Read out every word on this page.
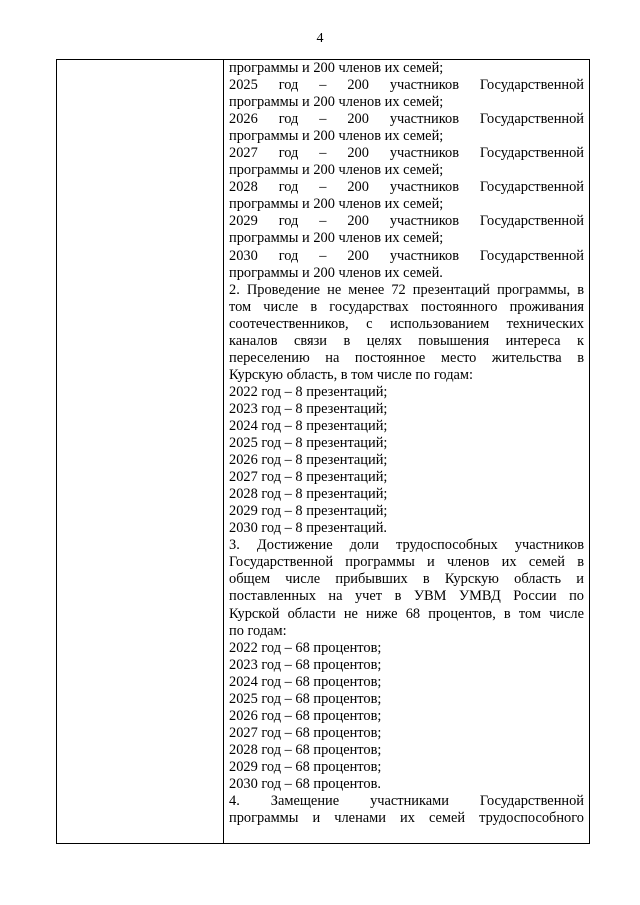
4
программы и 200 членов их семей;
2025 год – 200 участников Государственной
программы и 200 членов их семей;
2026 год – 200 участников Государственной
программы и 200 членов их семей;
2027 год – 200 участников Государственной
программы и 200 членов их семей;
2028 год – 200 участников Государственной
программы и 200 членов их семей;
2029 год – 200 участников Государственной
программы и 200 членов их семей;
2030 год – 200 участников Государственной
программы и 200 членов их семей.
2. Проведение не менее 72 презентаций программы, в
том числе в государствах постоянного проживания
соотечественников, с использованием технических
каналов связи в целях повышения интереса к
переселению на постоянное место жительства в
Курскую область, в том числе по годам:
2022 год – 8 презентаций;
2023 год – 8 презентаций;
2024 год – 8 презентаций;
2025 год – 8 презентаций;
2026 год – 8 презентаций;
2027 год – 8 презентаций;
2028 год – 8 презентаций;
2029 год – 8 презентаций;
2030 год – 8 презентаций.
3. Достижение доли трудоспособных участников
Государственной программы и членов их семей в
общем числе прибывших в Курскую область и
поставленных на учет в УВМ УМВД России по
Курской области не ниже 68 процентов, в том числе
по годам:
2022 год – 68 процентов;
2023 год – 68 процентов;
2024 год – 68 процентов;
2025 год – 68 процентов;
2026 год – 68 процентов;
2027 год – 68 процентов;
2028 год – 68 процентов;
2029 год – 68 процентов;
2030 год – 68 процентов.
4. Замещение участниками Государственной
программы и членами их семей трудоспособного
